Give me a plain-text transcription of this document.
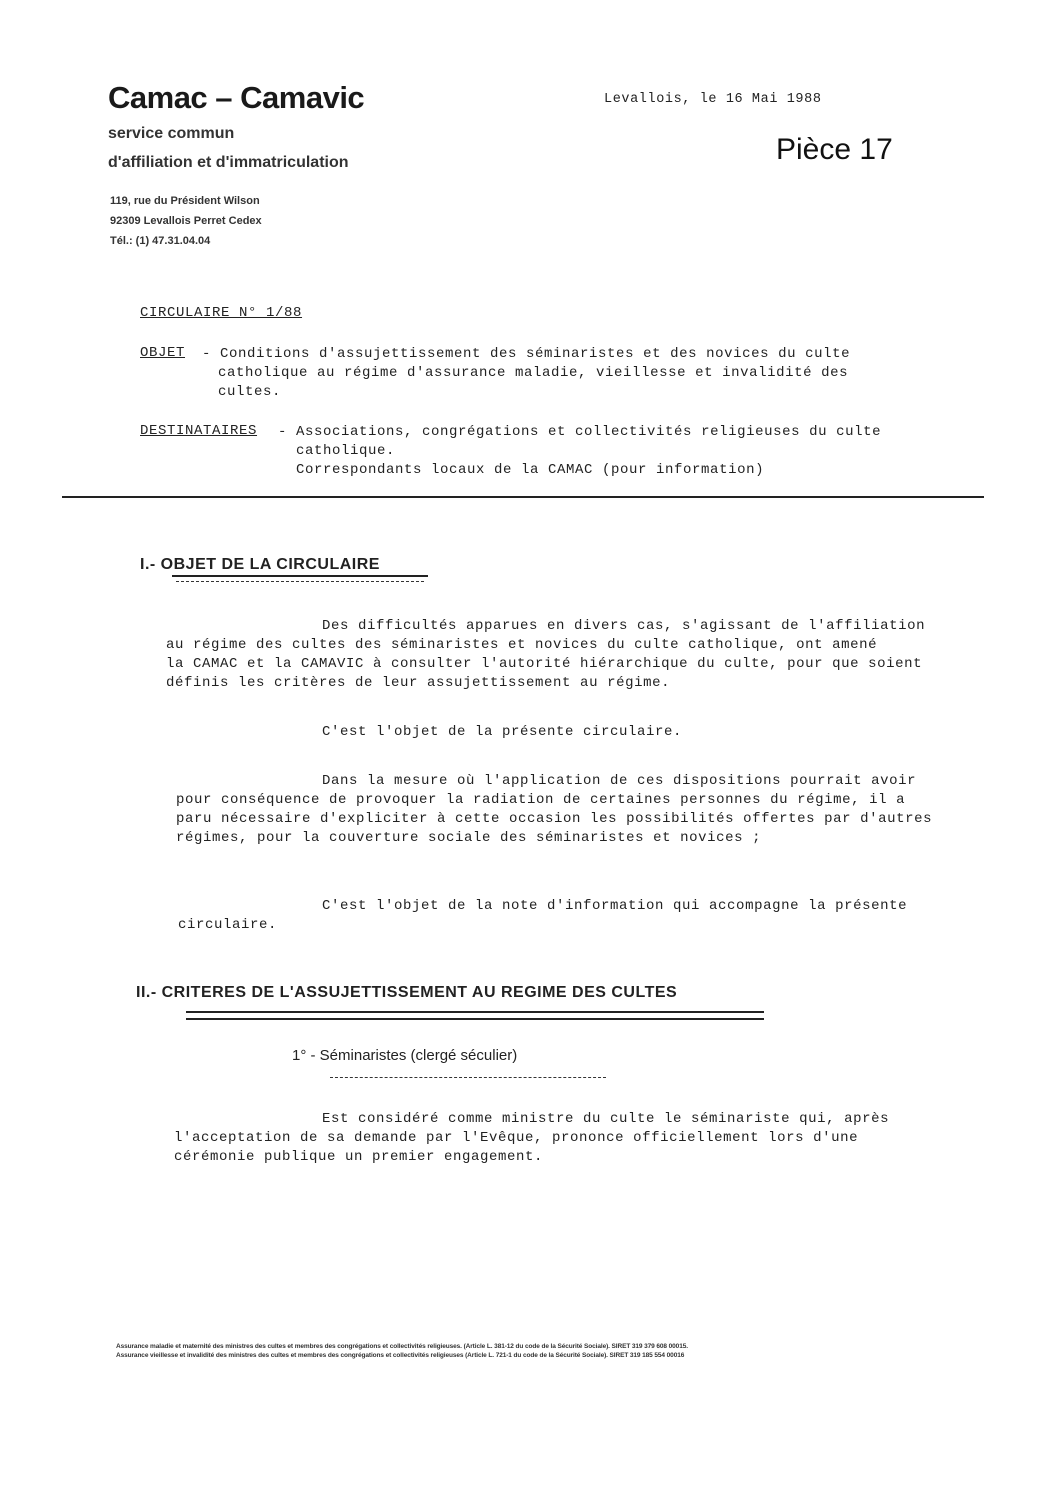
Camac – Camavic
service commun
d'affiliation et d'immatriculation
119, rue du Président Wilson
92309 Levallois Perret Cedex
Tél.: (1) 47.31.04.04
Levallois, le 16 Mai 1988
Pièce 17
CIRCULAIRE N° 1/88
OBJET - Conditions d'assujettissement des séminaristes et des novices du culte
catholique au régime d'assurance maladie, vieillesse et invalidité des
cultes.
DESTINATAIRES - Associations, congrégations et collectivités religieuses du culte
catholique.
Correspondants locaux de la CAMAC (pour information)
I.- OBJET DE LA CIRCULAIRE
Des difficultés apparues en divers cas, s'agissant de l'affiliation
au régime des cultes des séminaristes et novices du culte catholique, ont amené
la CAMAC et la CAMAVIC à consulter l'autorité hiérarchique du culte, pour que soient
définis les critères de leur assujettissement au régime.
C'est l'objet de la présente circulaire.
Dans la mesure où l'application de ces dispositions pourrait avoir
pour conséquence de provoquer la radiation de certaines personnes du régime, il a
paru nécessaire d'expliciter à cette occasion les possibilités offertes par d'autres
régimes, pour la couverture sociale des séminaristes et novices ;
C'est l'objet de la note d'information qui accompagne la présente
circulaire.
II.- CRITERES DE L'ASSUJETTISSEMENT AU REGIME DES CULTES
1° - Séminaristes (clergé séculier)
Est considéré comme ministre du culte le séminariste qui, après
l'acceptation de sa demande par l'Evêque, prononce officiellement lors d'une
cérémonie publique un premier engagement.
Assurance maladie et maternité des ministres des cultes et membres des congrégations et collectivités religieuses. (Article L. 381-12 du code de la Sécurité Sociale). SIRET 319 379 608 00015.
Assurance vieillesse et invalidité des ministres des cultes et membres des congrégations et collectivités religieuses (Article L. 721-1 du code de la Sécurité Sociale). SIRET 319 185 554 00016
